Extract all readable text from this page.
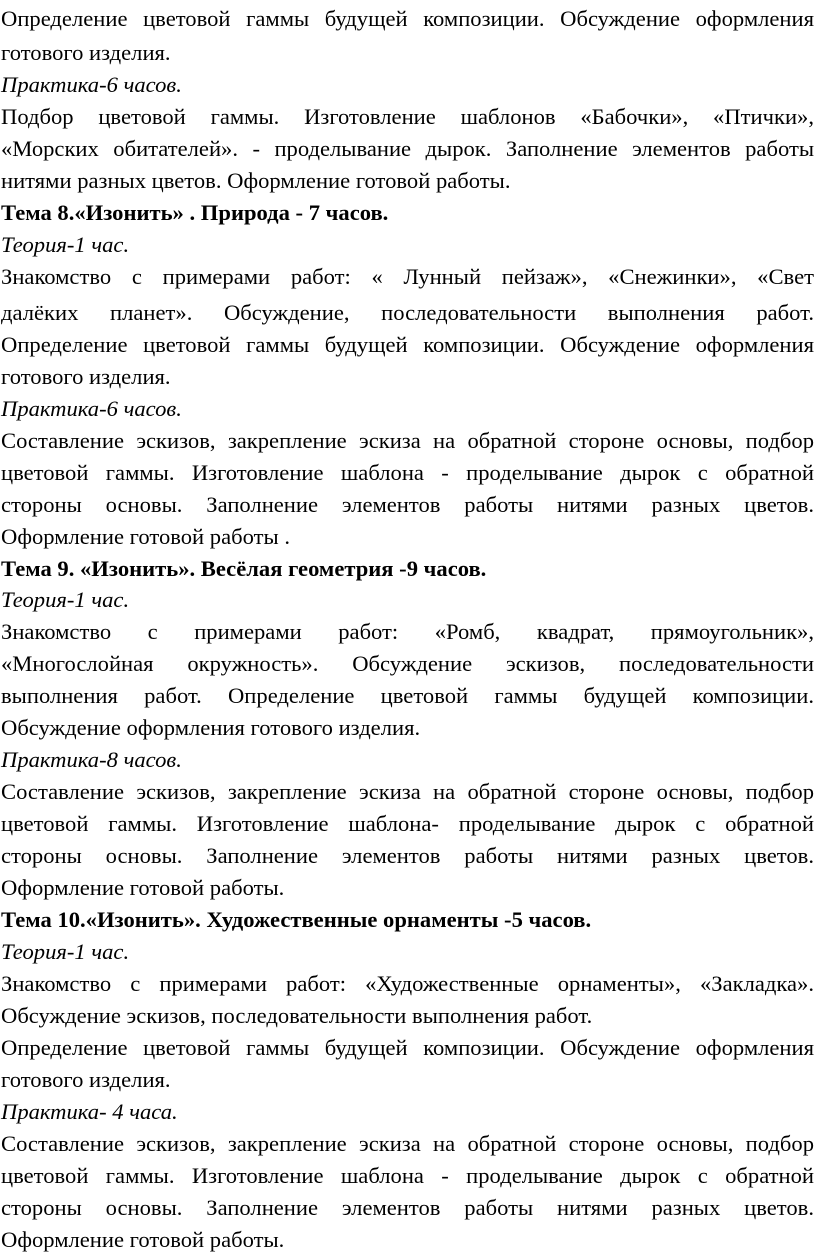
Определение цветовой гаммы будущей композиции. Обсуждение оформления
готового изделия.
Практика-6 часов.
Подбор цветовой гаммы. Изготовление шаблонов «Бабочки», «Птички»,
«Морских обитателей». - проделывание дырок. Заполнение элементов работы
нитями разных цветов. Оформление готовой работы.
Тема 8.«Изонить» . Природа - 7 часов.
Теория-1 час.
Знакомство с примерами работ: « Лунный пейзаж», «Снежинки», «Свет
далёких планет». Обсуждение, последовательности выполнения работ.
Определение цветовой гаммы будущей композиции. Обсуждение оформления
готового изделия.
Практика-6 часов.
Составление эскизов, закрепление эскиза на обратной стороне основы, подбор
цветовой гаммы. Изготовление шаблона - проделывание дырок с обратной
стороны основы. Заполнение элементов работы нитями разных цветов.
Оформление готовой работы .
Тема 9. «Изонить». Весёлая геометрия -9 часов.
Теория-1 час.
Знакомство с примерами работ: «Ромб, квадрат, прямоугольник»,
«Многослойная окружность». Обсуждение эскизов, последовательности
выполнения работ. Определение цветовой гаммы будущей композиции.
Обсуждение оформления готового изделия.
Практика-8 часов.
Составление эскизов, закрепление эскиза на обратной стороне основы, подбор
цветовой гаммы. Изготовление шаблона- проделывание дырок с обратной
стороны основы. Заполнение элементов работы нитями разных цветов.
Оформление готовой работы.
Тема 10.«Изонить». Художественные орнаменты -5 часов.
Теория-1 час.
Знакомство с примерами работ: «Художественные орнаменты», «Закладка».
Обсуждение эскизов, последовательности выполнения работ.
Определение цветовой гаммы будущей композиции. Обсуждение оформления
готового изделия.
Практика- 4 часа.
Составление эскизов, закрепление эскиза на обратной стороне основы, подбор
цветовой гаммы. Изготовление шаблона - проделывание дырок с обратной
стороны основы. Заполнение элементов работы нитями разных цветов.
Оформление готовой работы.
